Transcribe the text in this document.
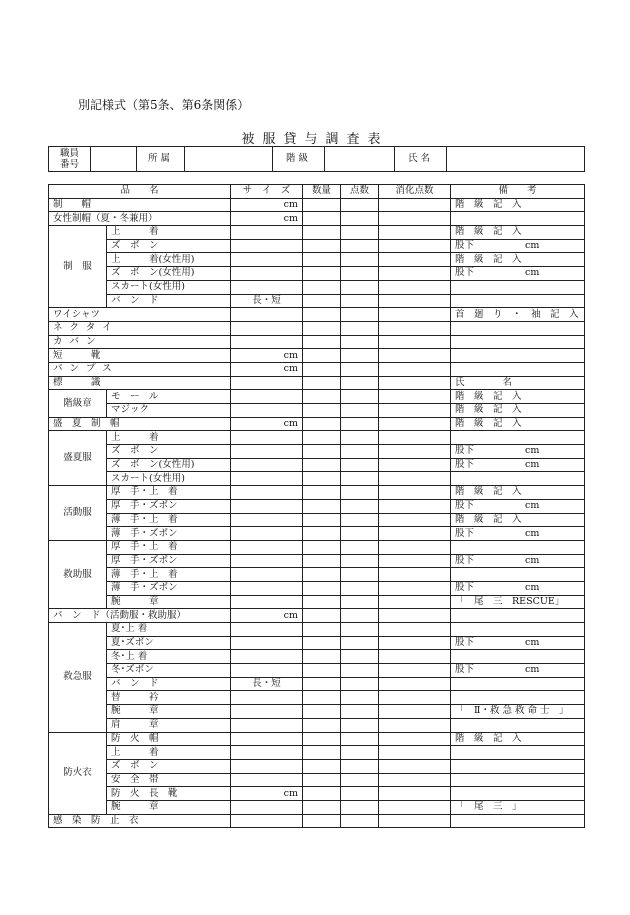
別記様式（第5条、第6条関係）
被服貸与調査表
職員
番号		所属		階級		氏名	
品　　名		サ　イ　ズ	数量	点数	消化点数	備　　考
制　　帽		cm				階　級　記　入
女性制帽（夏・冬兼用）		cm				
制　服	上　　　着					階　級　記　入
	ズ　ボ　ン					股下 cm
	上　　　着(女性用)					階　級　記　入
	ズ　ボ　ン(女性用)					股下 cm
	スカート(女性用)					
	バ　ン　ド	長・短				
ワイシャツ						首　廻　り　・　袖　記　入
ネクタイ						
カバン						
短　　　靴		cm				
パンプス		cm				
標　　　識						氏　　　　名
階級章	モ　ー　ル					階　級　記　入
	マジック					階　級　記　入
盛　夏　制　帽		cm				階　級　記　入
盛夏服	上　　　着					
	ズ　ボ　ン					股下 cm
	ズ　ボ　ン(女性用)					股下 cm
	スカート(女性用)					
活動服	厚　手・上　着					階　級　記　入
	厚　手・ズボン					股下 cm
	薄　手・上　着					階　級　記　入
	薄　手・ズボン					股下 cm
救助服	厚　手・上　着					
	厚　手・ズボン					股下 cm
	薄　手・上　着					
	薄　手・ズボン					股下 cm
	腕　　　章					「　尾　三　RESCUE」
バ　ン　ド（活動服・救助服）		cm				
救急服	夏･上 着					
	夏･ズボン					股下 cm
	冬･上 着					
	冬･ズボン					股下 cm
	バ　ン　ド	長・短				
	替　　　衿					
	腕　　　章					「　Ⅱ・救 急 救 命 士　」
	肩　　　章					
防火衣	防　火　帽					階　級　記　入
	上　　　着					
	ズ　ボ　ン					
	安　全　帯					
	防　火　長　靴	cm				
	腕　　　章					「　尾　三　」
感　染　防　止　衣						
